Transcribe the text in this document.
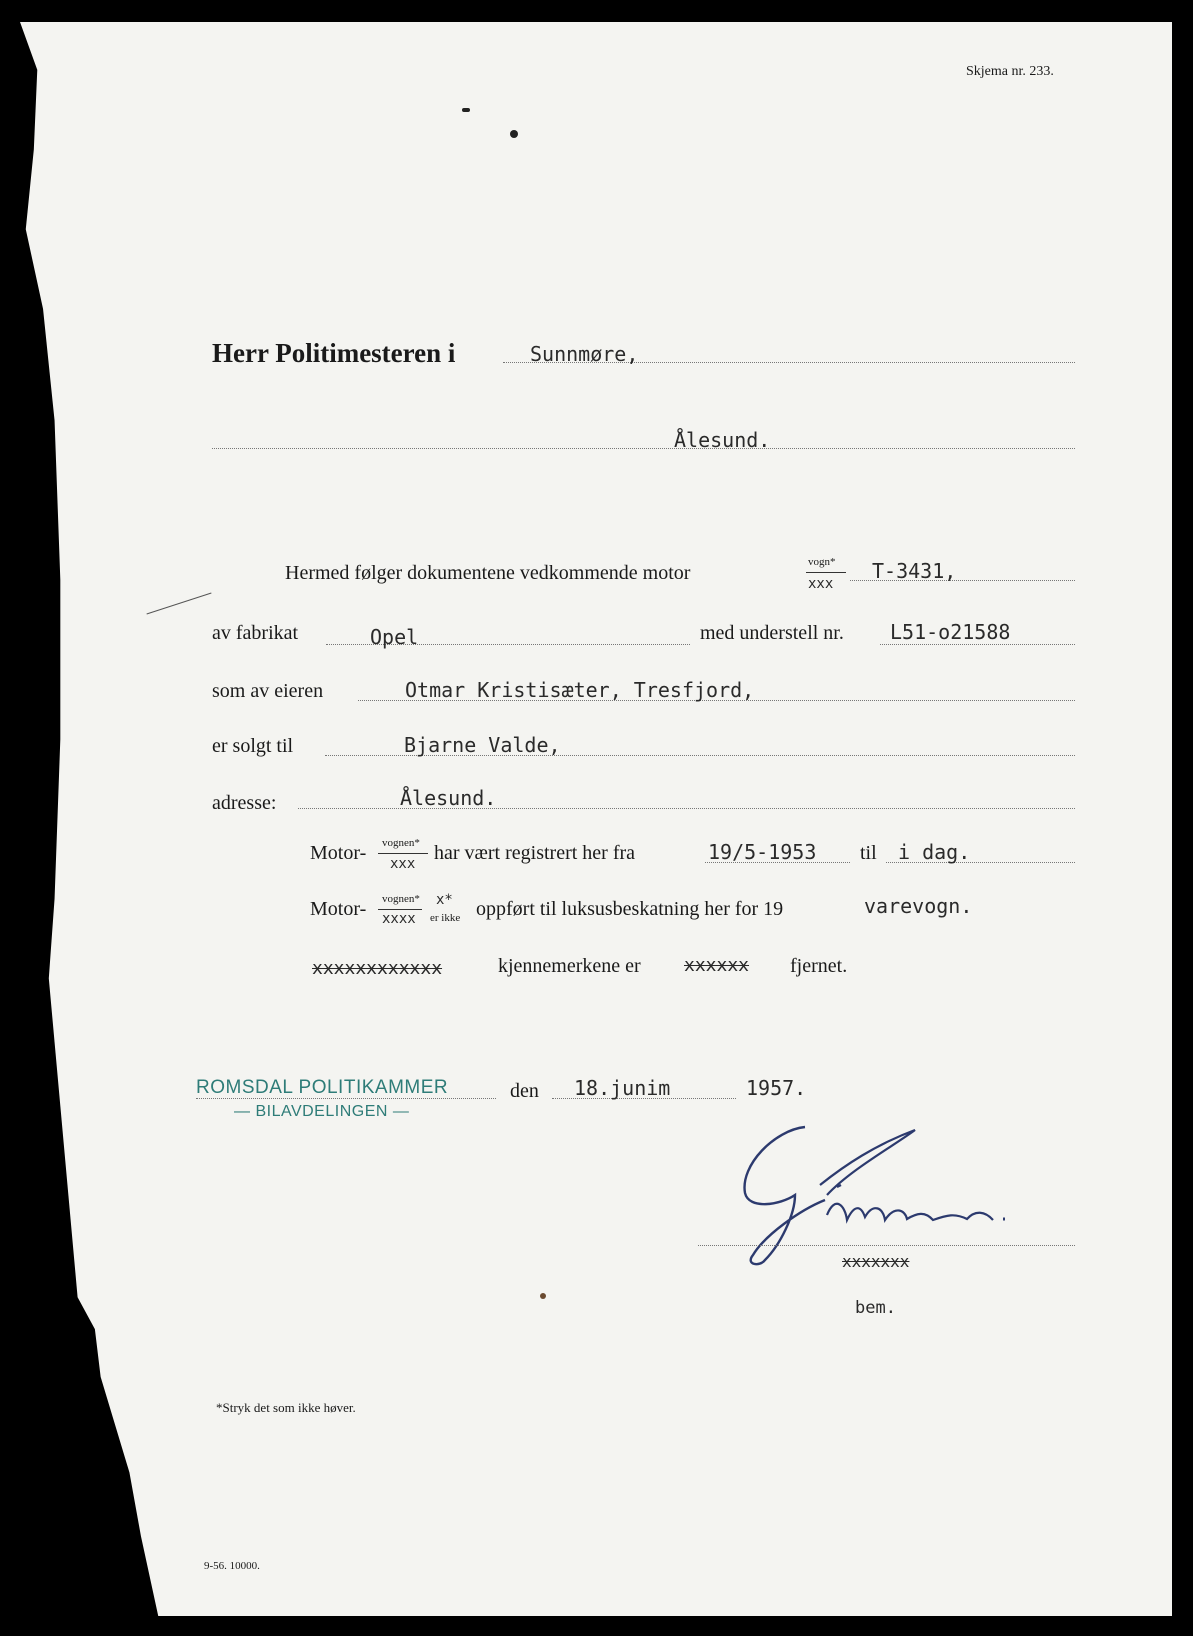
Skjema nr. 233.
Herr Politimesteren i	Sunnmøre,
Ålesund.
Hermed følger dokumentene vedkommende motor	vogn*
xxx
T-3431,
av fabrikat	Opel	med understell nr. L51-o21588
som av eieren	Otmar Kristisæter, Tresfjord,
er solgt til	Bjarne Valde,
adresse:	Ålesund.
Motor- vognen*
xxx har vært registrert her fra	19/5-1953 til i dag.
Motor- vognen*
xxxx
x*
er ikke oppført til luksusbeskatning her for 19	varevogn.
xxxxxxxxxxxx	kjennemerkene er xxxxxx fjernet.
ROMSDAL POLITIKAMMER
— BILAVDELINGEN —
den 18.junim	1957.
xxxxxxx
bem.
*Stryk det som ikke høver.
9-56. 10000.
